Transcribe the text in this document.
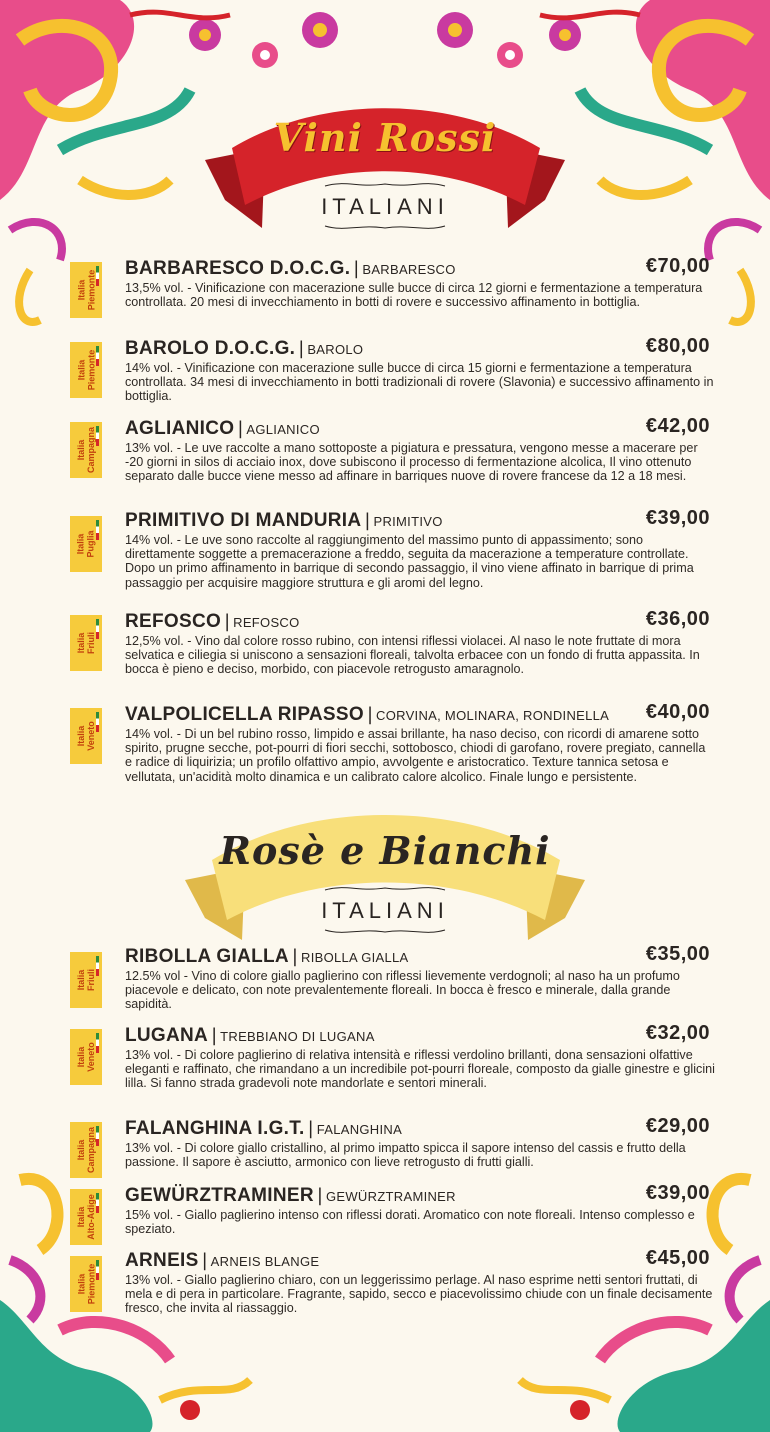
Vini Rossi
ITALIANI
Rosè e Bianchi
ITALIANI
Italia
Piemonte
BARBARESCO D.O.C.G. | BARBARESCO	€70,00
13,5% vol. - Vinificazione con macerazione sulle bucce di circa 12 giorni e fermentazione a temperatura controllata. 20 mesi di invecchiamento in botti di rovere e successivo affinamento in bottiglia.
Italia
Piemonte
BAROLO D.O.C.G. | BAROLO	€80,00
14% vol. - Vinificazione con macerazione sulle bucce di circa 15 giorni e fermentazione a temperatura controllata. 34 mesi di invecchiamento in botti tradizionali di rovere (Slavonia) e successivo affinamento in bottiglia.
Italia
Campagna AGLIANICO | AGLIANICO	€42,00
13% vol. - Le uve raccolte a mano sottoposte a pigiatura e pressatura, vengono messe a macerare per -20 giorni in silos di acciaio inox, dove subiscono il processo di fermentazione alcolica, Il vino ottenuto separato dalle bucce viene messo ad affinare in barriques nuove di rovere francese da 12 a 18 mesi.
Italia
Puglia
PRIMITIVO DI MANDURIA | PRIMITIVO	€39,00
14% vol. - Le uve sono raccolte al raggiungimento del massimo punto di appassimento; sono direttamente soggette a premacerazione a freddo, seguita da macerazione a temperature controllate. Dopo un primo affinamento in barrique di secondo passaggio, il vino viene affinato in barrique di prima passaggio per acquisire maggiore struttura e gli aromi del legno.
Italia
Friuli
REFOSCO | REFOSCO	€36,00
12,5% vol. - Vino dal colore rosso rubino, con intensi riflessi violacei. Al naso le note fruttate di mora selvatica e ciliegia si uniscono a sensazioni floreali, talvolta erbacee con un fondo di frutta appassita. In bocca è pieno e deciso, morbido, con piacevole retrogusto amaragnolo.
Italia
Veneto
VALPOLICELLA RIPASSO | CORVINA, MOLINARA, RONDINELLA €40,00
14% vol. - Di un bel rubino rosso, limpido e assai brillante, ha naso deciso, con ricordi di amarene sotto spirito, prugne secche, pot-pourri di fiori secchi, sottobosco, chiodi di garofano, rovere pregiato, cannella e radice di liquirizia; un profilo olfattivo ampio, avvolgente e aristocratico. Texture tannica setosa e vellutata, un'acidità molto dinamica e un calibrato calore alcolico. Finale lungo e persistente.
Italia
Friuli
RIBOLLA GIALLA | RIBOLLA GIALLA	€35,00
12.5% vol - Vino di colore giallo paglierino con riflessi lievemente verdognoli; al naso ha un profumo piacevole e delicato, con note prevalentemente floreali. In bocca è fresco e minerale, dalla grande sapidità.
Italia
Veneto
LUGANA | TREBBIANO DI LUGANA	€32,00
13% vol. - Di colore paglierino di relativa intensità e riflessi verdolino brillanti, dona sensazioni olfattive eleganti e raffinato, che rimandano a un incredibile pot-pourri floreale, composto da gialle ginestre e glicini lilla. Si fanno strada gradevoli note mandorlate e sentori minerali.
Italia
Campagna FALANGHINA I.G.T. | FALANGHINA	€29,00
13% vol. - Di colore giallo cristallino, al primo impatto spicca il sapore intenso del cassis e frutto della passione. Il sapore è asciutto, armonico con lieve retrogusto di frutti gialli.
Italia
Alto-Adige GEWÜRZTRAMINER | GEWÜRZTRAMINER	€39,00
15% vol. - Giallo paglierino intenso con riflessi dorati. Aromatico con note floreali. Intenso complesso e speziato.
Italia
Piemonte
ARNEIS | ARNEIS BLANGE	€45,00
13% vol. - Giallo paglierino chiaro, con un leggerissimo perlage. Al naso esprime netti sentori fruttati, di mela e di pera in particolare. Fragrante, sapido, secco e piacevolissimo chiude con un finale decisamente fresco, che invita al riassaggio.
